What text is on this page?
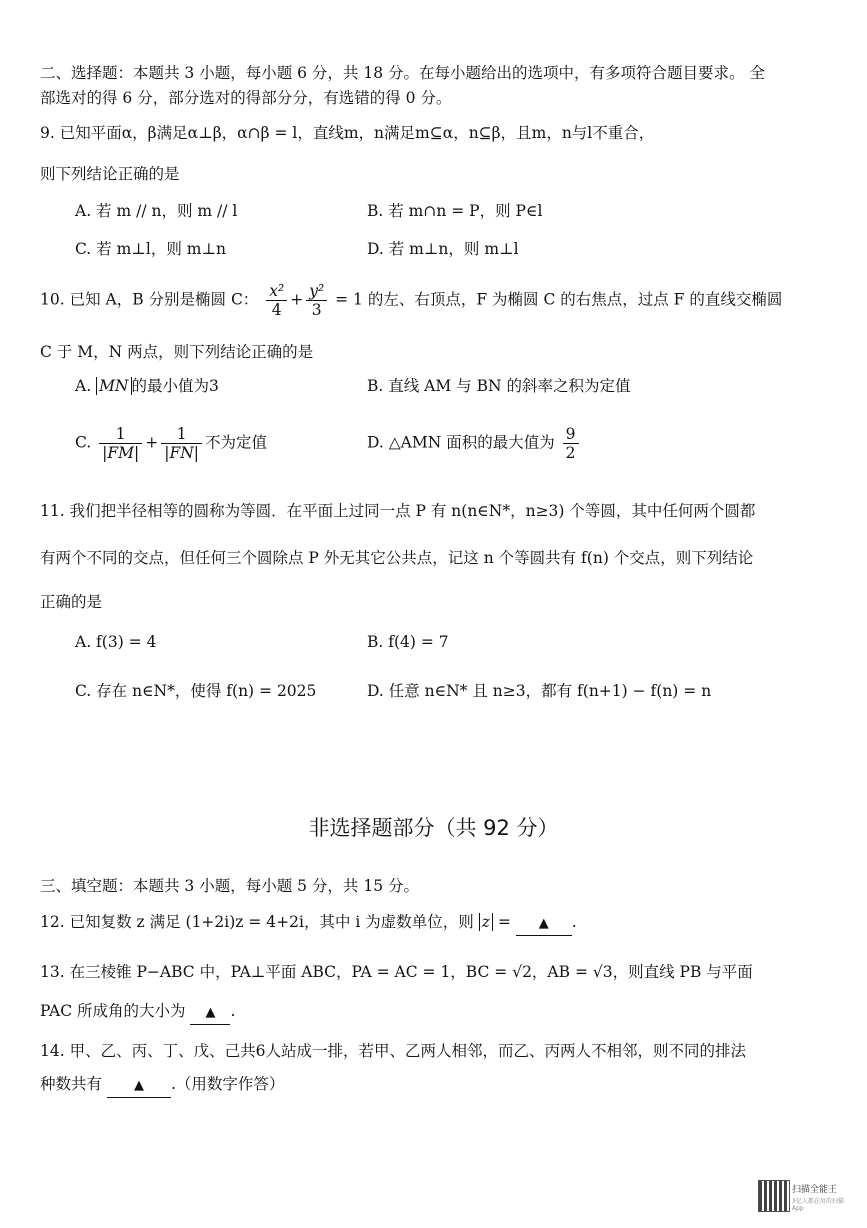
二、选择题：本题共 3 小题，每小题 6 分，共 18 分。在每小题给出的选项中，有多项符合题目要求。 全
部选对的得 6 分，部分选对的得部分分，有选错的得 0 分。
9. 已知平面α，β满足α⊥β，α∩β = l，直线m，n满足m⊆α，n⊆β，且m，n与l不重合，
则下列结论正确的是
A. 若 m // n，则 m // l	B. 若 m∩n = P，则 P∈l
C. 若 m⊥l，则 m⊥n	D. 若 m⊥n，则 m⊥l
10. 已知 A，B 分别是椭圆 C： $\frac{\text{x²}}{4} + \frac{\text{y²}}{3} = 1$ 的左、右顶点，F 为椭圆 C 的右焦点，过点 F 的直线交椭圆
C 于 M，N 两点，则下列结论正确的是
A. MN 的最小值为3	B. 直线 AM 与 BN 的斜率之积为定值
C. $\frac{1}{|FM|} + \frac{1}{|FN|}$ 不为定值	D. △AMN 面积的最大值为 $\frac{9}{2}$
11. 我们把半径相等的圆称为等圆．在平面上过同一点 P 有 n(n∈N*，n≥3) 个等圆，其中任何两个圆都
有两个不同的交点，但任何三个圆除点 P 外无其它公共点，记这 n 个等圆共有 f(n) 个交点，则下列结论
正确的是
A. f(3) = 4	B. f(4) = 7
C. 存在 n∈N*，使得 f(n) = 2025	D. 任意 n∈N* 且 n≥3，都有 f(n+1) − f(n) = n
非选择题部分（共 92 分）
三、填空题：本题共 3 小题，每小题 5 分，共 15 分。
12. 已知复数 z 满足 (1+2i)z = 4+2i，其中 i 为虚数单位，则 z = ▲ .
13. 在三棱锥 P−ABC 中，PA⊥平面 ABC，PA = AC = 1，BC = √2，AB = √3，则直线 PB 与平面
PAC 所成角的大小为 ▲ .
14. 甲、乙、丙、丁、戊、己共6人站成一排，若甲、乙两人相邻，而乙、丙两人不相邻，则不同的排法
种数共有 ▲ .（用数字作答）
扫描全能王
3亿人都在用的扫描App
